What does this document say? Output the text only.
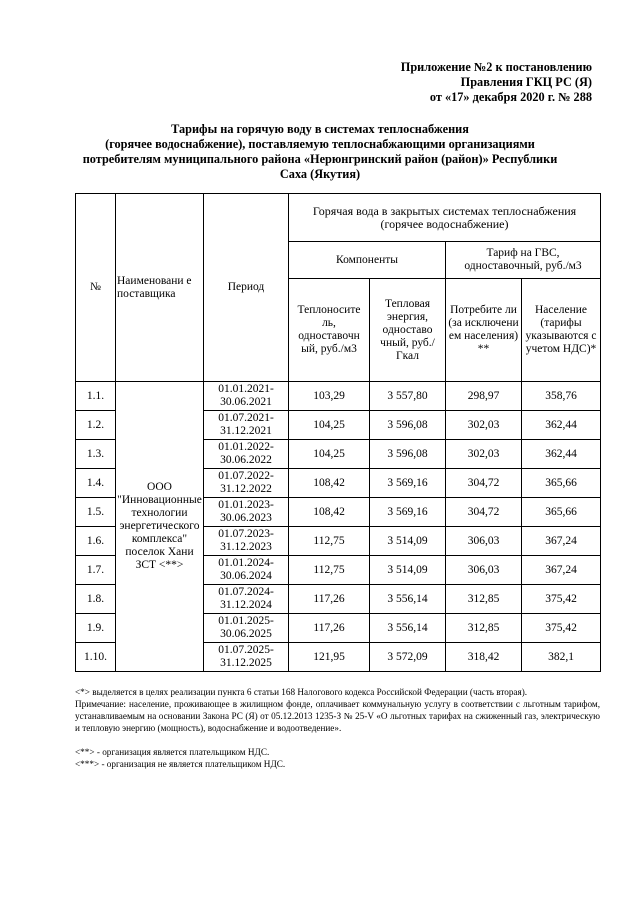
Приложение №2 к постановлению
Правления ГКЦ РС (Я)
от «17» декабря 2020 г. № 288
Тарифы на горячую воду в системах теплоснабжения
(горячее водоснабжение), поставляемую теплоснабжающими организациями
потребителям муниципального района «Нерюнгринский район (район)» Республики
Саха (Якутия)
№	Наименовани е поставщика	Период	Горячая вода в закрытых системах теплоснабжения (горячее водоснабжение)			
			Компоненты		Тариф на ГВС, одноставочный, руб./м3	
			Теплоносите ль, одноставочн ый, руб./м3	Тепловая энергия, одноставо чный, руб./Гкал	Потребите ли (за исключени ем населения) **	Население (тарифы указываются с учетом НДС)*
1.1.	ООО "Инновационные технологии энергетического комплекса" поселок Хани ЗСТ <**>	01.01.2021-30.06.2021	103,29	3 557,80	298,97	358,76
1.2.		01.07.2021-31.12.2021	104,25	3 596,08	302,03	362,44
1.3.		01.01.2022-30.06.2022	104,25	3 596,08	302,03	362,44
1.4.		01.07.2022-31.12.2022	108,42	3 569,16	304,72	365,66
1.5.		01.01.2023-30.06.2023	108,42	3 569,16	304,72	365,66
1.6.		01.07.2023-31.12.2023	112,75	3 514,09	306,03	367,24
1.7.		01.01.2024-30.06.2024	112,75	3 514,09	306,03	367,24
1.8.		01.07.2024-31.12.2024	117,26	3 556,14	312,85	375,42
1.9.		01.01.2025-30.06.2025	117,26	3 556,14	312,85	375,42
1.10.		01.07.2025-31.12.2025	121,95	3 572,09	318,42	382,1

<*> выделяется в целях реализации пункта 6 статьи 168 Налогового кодекса Российской Федерации (часть вторая).

Примечание: население, проживающее в жилищном фонде, оплачивает коммунальную услугу в соответствии с льготным тарифом, устанавливаемым на основании Закона РС (Я) от 05.12.2013 1235-З № 25-V «О льготных тарифах на сжиженный газ, электрическую и тепловую энергию (мощность), водоснабжение и водоотведение».

<**> - организация является плательщиком НДС.

<***> - организация не является плательщиком НДС.
